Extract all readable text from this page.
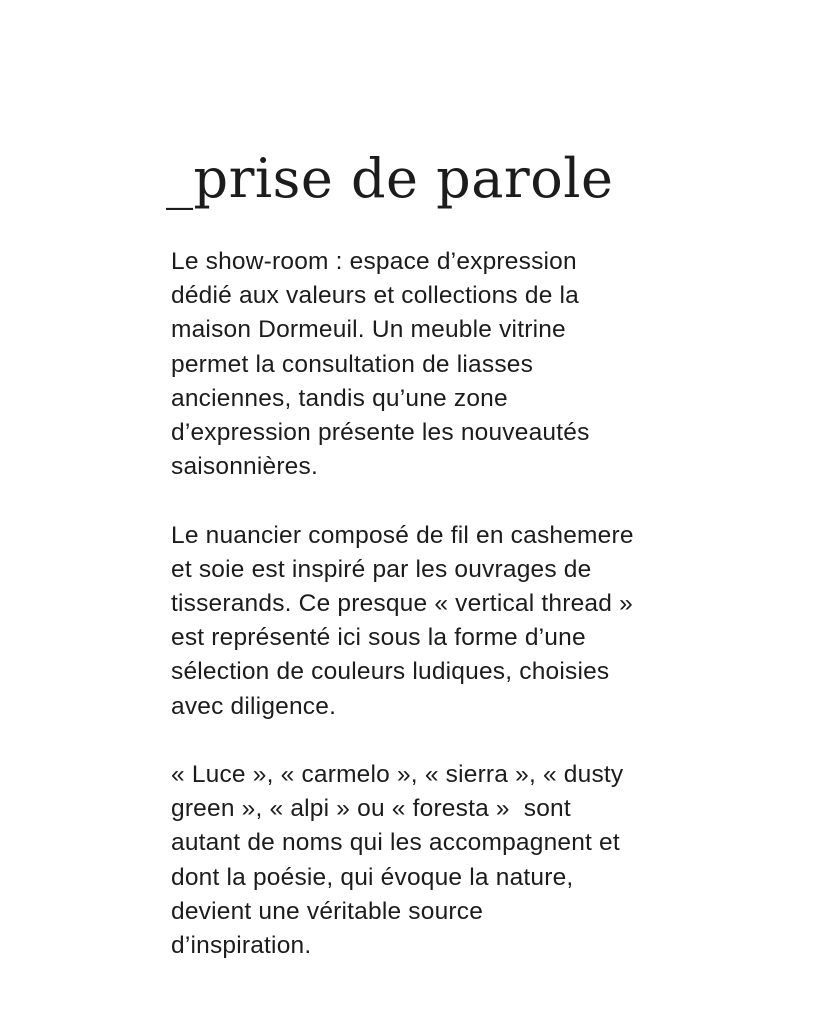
_prise de parole

Le show-room : espace d’expression
dédié aux valeurs et collections de la
maison Dormeuil. Un meuble vitrine
permet la consultation de liasses
anciennes, tandis qu’une zone
d’expression présente les nouveautés
saisonnières.

Le nuancier composé de fil en cashemere
et soie est inspiré par les ouvrages de
tisserands. Ce presque « vertical thread »
est représenté ici sous la forme d’une
sélection de couleurs ludiques, choisies
avec diligence.

« Luce », « carmelo », « sierra », « dusty
green », « alpi » ou « foresta »  sont
autant de noms qui les accompagnent et
dont la poésie, qui évoque la nature,
devient une véritable source
d’inspiration.
